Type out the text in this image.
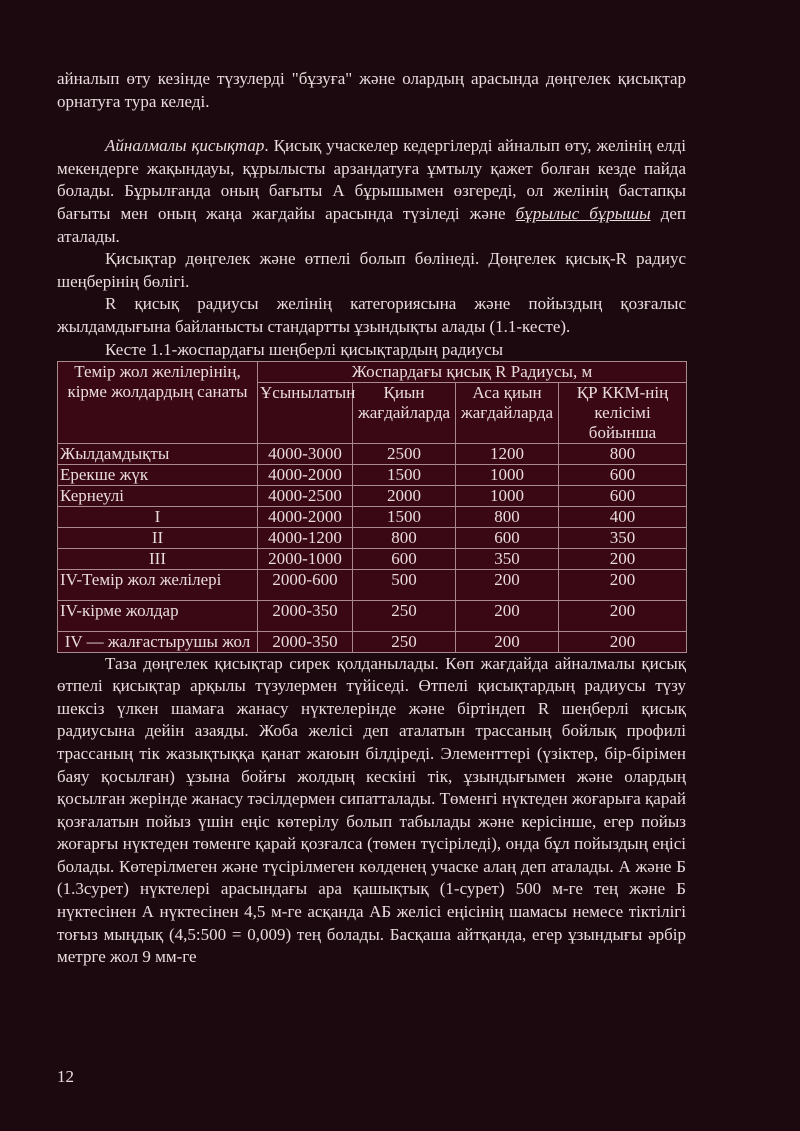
айналып өту кезінде түзулерді "бұзуға" және олардың арасында дөңгелек қисықтар орнатуға тура келеді.

Айналмалы қисықтар. Қисық учаскелер кедергілерді айналып өту, желінің елді мекендерге жақындауы, құрылысты арзандатуға ұмтылу қажет болған кезде пайда болады. Бұрылғанда оның бағыты А бұрышымен өзгереді, ол желінің бастапқы бағыты мен оның жаңа жағдайы арасында түзіледі және бұрылыс бұрышы деп аталады.

Қисықтар дөңгелек және өтпелі болып бөлінеді. Дөңгелек қисық-R радиус шеңберінің бөлігі.

R қисық радиусы желінің категориясына және пойыздың қозғалыс жылдамдығына байланысты стандартты ұзындықты алады (1.1-кесте).

Кесте 1.1-жоспардағы шеңберлі қисықтардың радиусы
Темір жол желілерінің, кірме жолдардың санаты	Жоспардағы қисық R Радиусы, м			
	Ұсынылатын	Қиын жағдайларда	Аса қиын жағдайларда	ҚР ККМ-нің келісімі бойынша
Жылдамдықты	4000-3000	2500	1200	800
Ерекше жүк	4000-2000	1500	1000	600
Кернеулі	4000-2500	2000	1000	600
I	4000-2000	1500	800	400
II	4000-1200	800	600	350
III	2000-1000	600	350	200
IV-Темір жол желілері	2000-600	500	200	200
IV-кірме жолдар	2000-350	250	200	200
IV — жалғастырушы жол	2000-350	250	200	200

Таза дөңгелек қисықтар сирек қолданылады. Көп жағдайда айналмалы қисық өтпелі қисықтар арқылы түзулермен түйіседі. Өтпелі қисықтардың радиусы түзу шексіз үлкен шамаға жанасу нүктелерінде және біртіндеп R шеңберлі қисық радиусына дейін азаяды. Жоба желісі деп аталатын трассаның бойлық профилі трассаның тік жазықтыққа қанат жаюын білдіреді. Элементтері (үзіктер, бір-бірімен баяу қосылған) ұзына бойғы жолдың кескіні тік, ұзындығымен және олардың қосылған жерінде жанасу тәсілдермен сипатталады. Төменгі нүктеден жоғарыға қарай қозғалатын пойыз үшін еңіс көтерілу болып табылады және керісінше, егер пойыз жоғарғы нүктеден төменге қарай қозғалса (төмен түсіріледі), онда бұл пойыздың еңісі болады. Көтерілмеген және түсірілмеген көлденең учаске алаң деп аталады. А және Б (1.3сурет) нүктелері арасындағы ара қашықтық (1-сурет) 500 м-ге тең және Б нүктесінен А нүктесінен 4,5 м-ге асқанда АБ желісі еңісінің шамасы немесе тіктілігі тоғыз мыңдық (4,5:500 = 0,009) тең болады. Басқаша айтқанда, егер ұзындығы әрбір метрге жол 9 мм-ге

12
